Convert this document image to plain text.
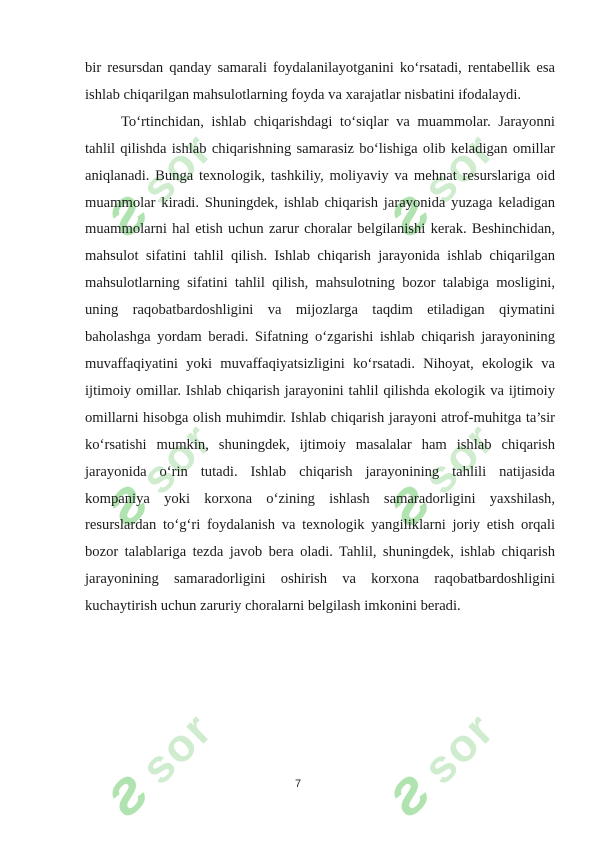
ƨsor ƨsor
ƨsor ƨsor
ƨsor ƨsor

bir resursdan qanday samarali foydalanilayotganini ko‘rsatadi, rentabellik esa ishlab chiqarilgan mahsulotlarning foyda va xarajatlar nisbatini ifodalaydi.

To‘rtinchidan, ishlab chiqarishdagi to‘siqlar va muammolar. Jarayonni tahlil qilishda ishlab chiqarishning samarasiz bo‘lishiga olib keladigan omillar aniqlanadi. Bunga texnologik, tashkiliy, moliyaviy va mehnat resurslariga oid muammolar kiradi. Shuningdek, ishlab chiqarish jarayonida yuzaga keladigan muammolarni hal etish uchun zarur choralar belgilanishi kerak. Beshinchidan, mahsulot sifatini tahlil qilish. Ishlab chiqarish jarayonida ishlab chiqarilgan mahsulotlarning sifatini tahlil qilish, mahsulotning bozor talabiga mosligini, uning raqobatbardoshligini va mijozlarga taqdim etiladigan qiymatini baholashga yordam beradi. Sifatning o‘zgarishi ishlab chiqarish jarayonining muvaffaqiyatini yoki muvaffaqiyatsizligini ko‘rsatadi. Nihoyat, ekologik va ijtimoiy omillar. Ishlab chiqarish jarayonini tahlil qilishda ekologik va ijtimoiy omillarni hisobga olish muhimdir. Ishlab chiqarish jarayoni atrof-muhitga ta’sir ko‘rsatishi mumkin, shuningdek, ijtimoiy masalalar ham ishlab chiqarish jarayonida o‘rin tutadi. Ishlab chiqarish jarayonining tahlili natijasida kompaniya yoki korxona o‘zining ishlash samaradorligini yaxshilash, resurslardan to‘g‘ri foydalanish va texnologik yangiliklarni joriy etish orqali bozor talablariga tezda javob bera oladi. Tahlil, shuningdek, ishlab chiqarish jarayonining samaradorligini oshirish va korxona raqobatbardoshligini kuchaytirish uchun zaruriy choralarni belgilash imkonini beradi.

7
